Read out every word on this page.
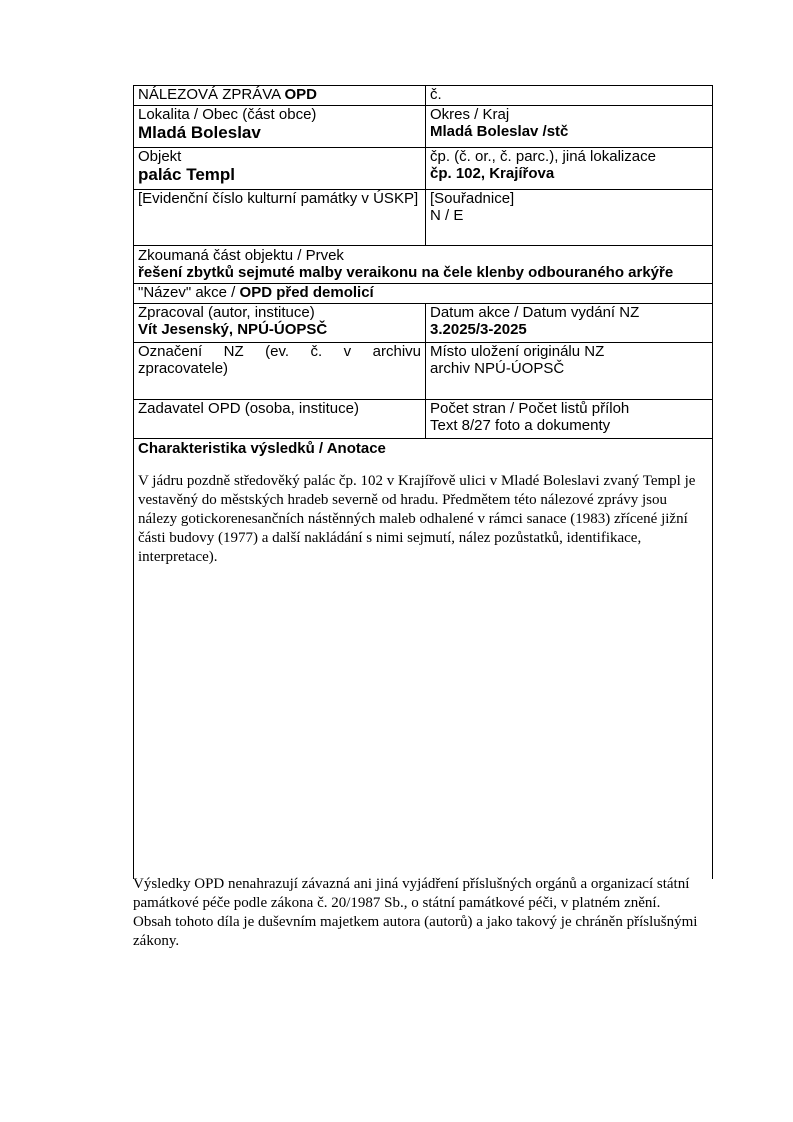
NÁLEZOVÁ ZPRÁVA OPD	č.
Lokalita / Obec (část obce)
Mladá Boleslav
Okres / Kraj
Mladá Boleslav /stč
Objekt
palác Templ
čp. (č. or., č. parc.), jiná lokalizace
čp. 102, Krajířova
[Evidenční číslo kulturní památky v ÚSKP] [Souřadnice]
N / E
Zkoumaná část objektu / Prvek
řešení zbytků sejmuté malby veraikonu na čele klenby odbouraného arkýře
"Název" akce / OPD před demolicí
Zpracoval (autor, instituce)
Vít Jesenský, NPÚ-ÚOPSČ
Datum akce / Datum vydání NZ
3.2025/3-2025
Označení NZ (ev. č. v archivu zpracovatele)
Místo uložení originálu NZ
archiv NPÚ-ÚOPSČ
Zadavatel OPD (osoba, instituce)	Počet stran / Počet listů příloh
Text 8/27 foto a dokumenty
Charakteristika výsledků / Anotace
V jádru pozdně středověký palác čp. 102 v Krajířově ulici v Mladé Boleslavi zvaný Templ je vestavěný do městských hradeb severně od hradu. Předmětem této nálezové zprávy jsou nálezy gotickorenesančních nástěnných maleb odhalené v rámci sanace (1983) zřícené jižní části budovy (1977) a další nakládání s nimi sejmutí, nález pozůstatků, identifikace, interpretace).

Výsledky OPD nenahrazují závazná ani jiná vyjádření příslušných orgánů a organizací státní památkové péče podle zákona č. 20/1987 Sb., o státní památkové péči, v platném znění.

Obsah tohoto díla je duševním majetkem autora (autorů) a jako takový je chráněn příslušnými zákony.
